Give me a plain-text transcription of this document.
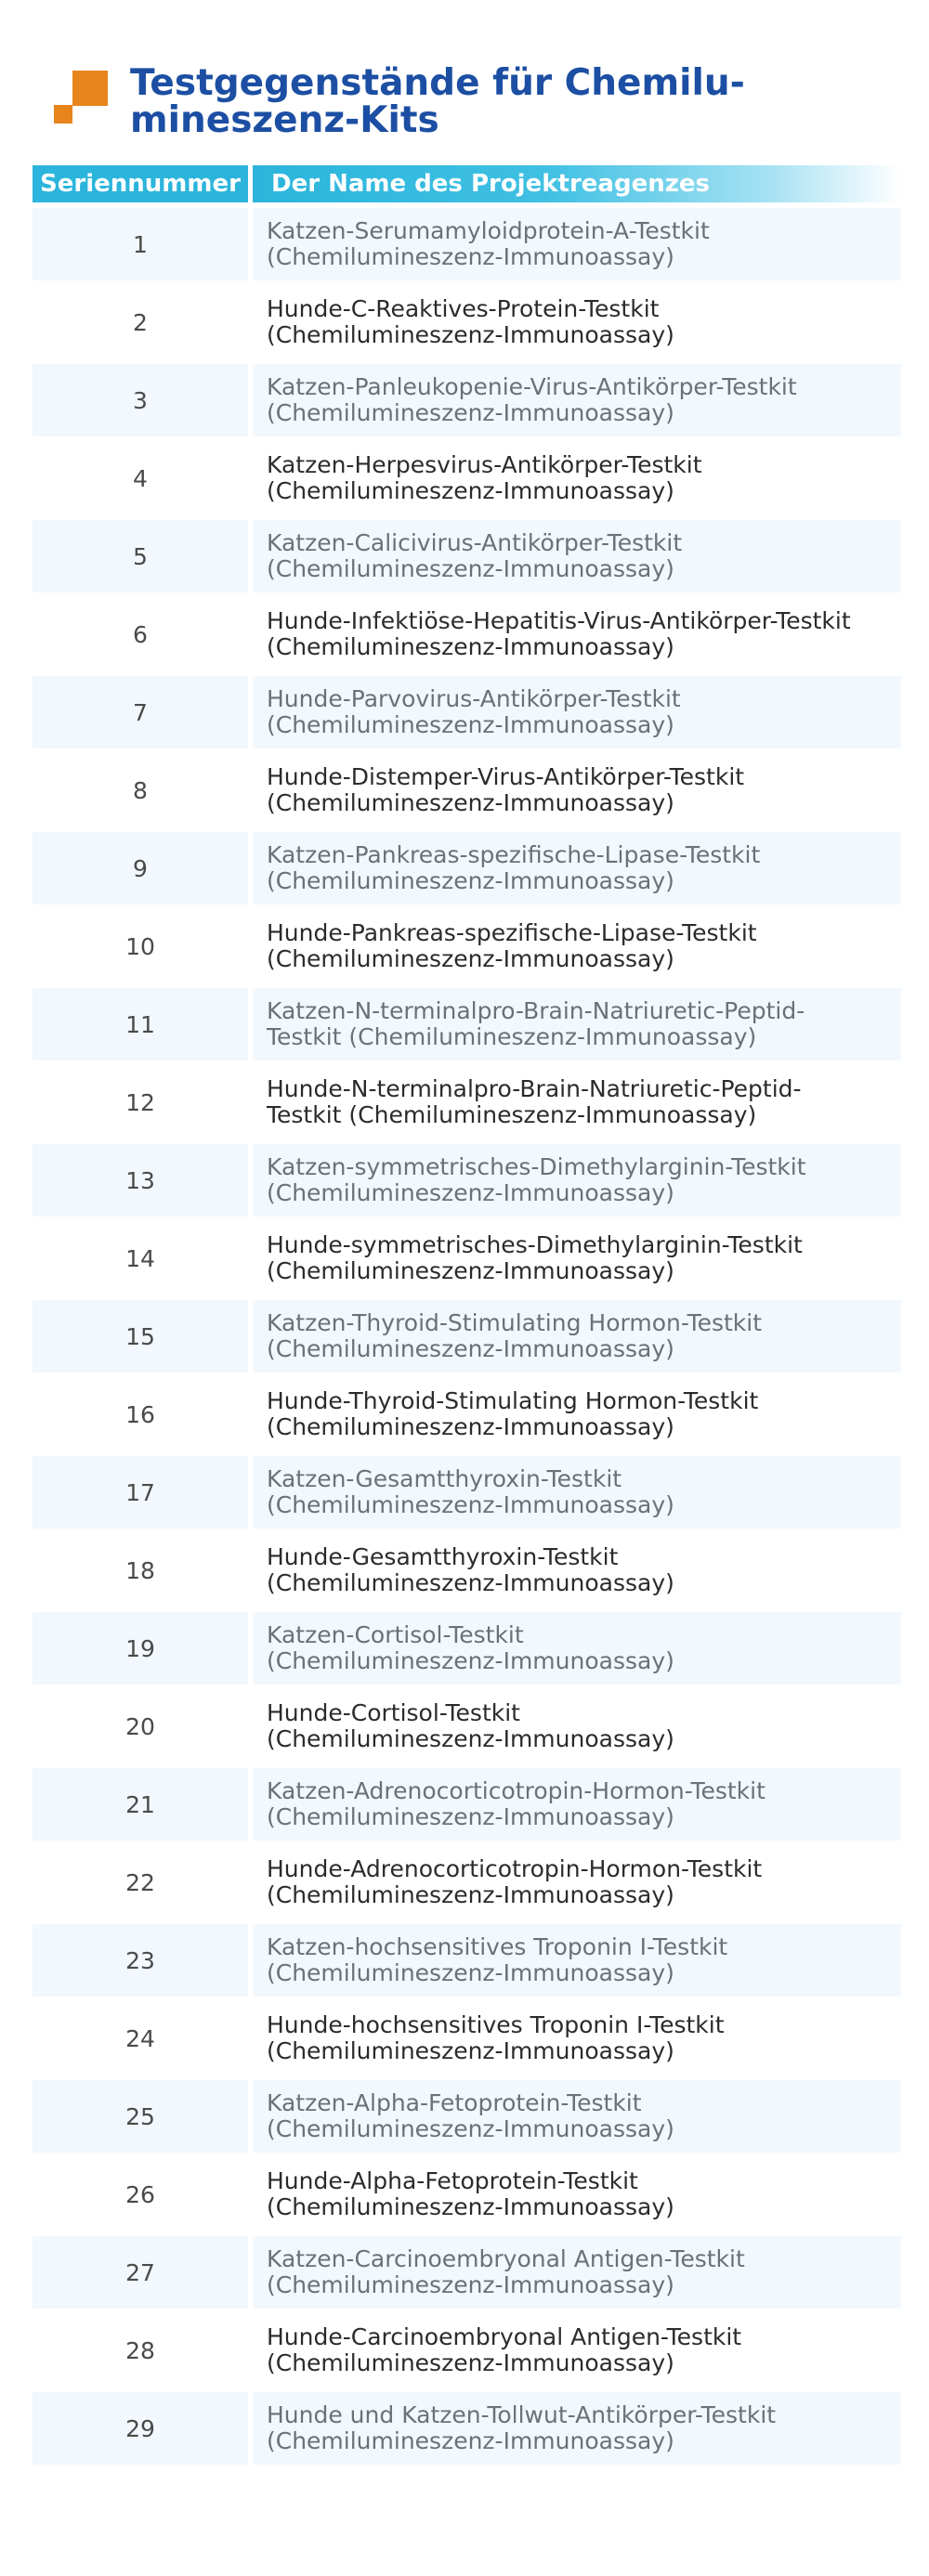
Testgegenstände für Chemilu-mineszenz-Kits
Seriennummer	Der Name des Projektreagenzes
1	Katzen-Serumamyloidprotein-A-Testkit
(Chemilumineszenz-Immunoassay)
2	Hunde-C-Reaktives-Protein-Testkit
(Chemilumineszenz-Immunoassay)
3	Katzen-Panleukopenie-Virus-Antikörper-Testkit
(Chemilumineszenz-Immunoassay)
4	Katzen-Herpesvirus-Antikörper-Testkit
(Chemilumineszenz-Immunoassay)
5	Katzen-Calicivirus-Antikörper-Testkit
(Chemilumineszenz-Immunoassay)
6	Hunde-Infektiöse-Hepatitis-Virus-Antikörper-Testkit
(Chemilumineszenz-Immunoassay)
7	Hunde-Parvovirus-Antikörper-Testkit
(Chemilumineszenz-Immunoassay)
8	Hunde-Distemper-Virus-Antikörper-Testkit
(Chemilumineszenz-Immunoassay)
9	Katzen-Pankreas-spezifische-Lipase-Testkit
(Chemilumineszenz-Immunoassay)
10	Hunde-Pankreas-spezifische-Lipase-Testkit
(Chemilumineszenz-Immunoassay)
11	Katzen-N-terminalpro-Brain-Natriuretic-Peptid-
Testkit (Chemilumineszenz-Immunoassay)
12	Hunde-N-terminalpro-Brain-Natriuretic-Peptid-
Testkit (Chemilumineszenz-Immunoassay)
13	Katzen-symmetrisches-Dimethylarginin-Testkit
(Chemilumineszenz-Immunoassay)
14	Hunde-symmetrisches-Dimethylarginin-Testkit
(Chemilumineszenz-Immunoassay)
15	Katzen-Thyroid-Stimulating Hormon-Testkit
(Chemilumineszenz-Immunoassay)
16	Hunde-Thyroid-Stimulating Hormon-Testkit
(Chemilumineszenz-Immunoassay)
17	Katzen-Gesamtthyroxin-Testkit
(Chemilumineszenz-Immunoassay)
18	Hunde-Gesamtthyroxin-Testkit
(Chemilumineszenz-Immunoassay)
19	Katzen-Cortisol-Testkit
(Chemilumineszenz-Immunoassay)
20	Hunde-Cortisol-Testkit
(Chemilumineszenz-Immunoassay)
21	Katzen-Adrenocorticotropin-Hormon-Testkit
(Chemilumineszenz-Immunoassay)
22	Hunde-Adrenocorticotropin-Hormon-Testkit
(Chemilumineszenz-Immunoassay)
23	Katzen-hochsensitives Troponin I-Testkit
(Chemilumineszenz-Immunoassay)
24	Hunde-hochsensitives Troponin I-Testkit
(Chemilumineszenz-Immunoassay)
25	Katzen-Alpha-Fetoprotein-Testkit
(Chemilumineszenz-Immunoassay)
26	Hunde-Alpha-Fetoprotein-Testkit
(Chemilumineszenz-Immunoassay)
27	Katzen-Carcinoembryonal Antigen-Testkit
(Chemilumineszenz-Immunoassay)
28	Hunde-Carcinoembryonal Antigen-Testkit
(Chemilumineszenz-Immunoassay)
29	Hunde und Katzen-Tollwut-Antikörper-Testkit
(Chemilumineszenz-Immunoassay)
